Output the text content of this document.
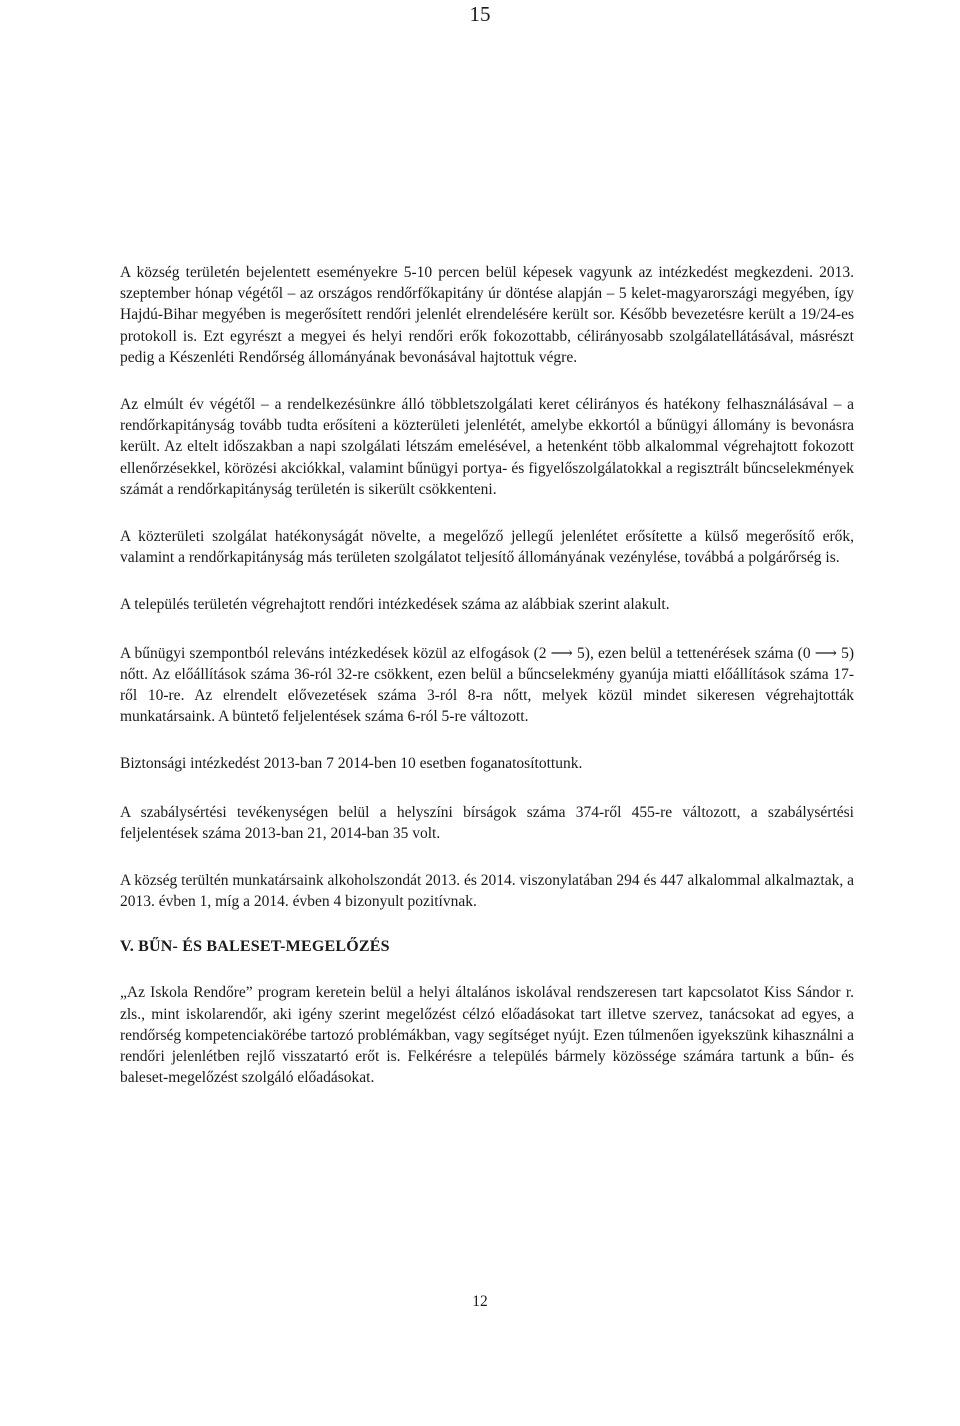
15

A község területén bejelentett eseményekre 5-10 percen belül képesek vagyunk az intézkedést megkezdeni. 2013. szeptember hónap végétől – az országos rendőrfőkapitány úr döntése alapján – 5 kelet-magyarországi megyében, így Hajdú-Bihar megyében is megerősített rendőri jelenlét elrendelésére került sor. Később bevezetésre került a 19/24-es protokoll is. Ezt egyrészt a megyei és helyi rendőri erők fokozottabb, célirányosabb szolgálatellátásával, másrészt pedig a Készenléti Rendőrség állományának bevonásával hajtottuk végre.

Az elmúlt év végétől – a rendelkezésünkre álló többletszolgálati keret célirányos és hatékony felhasználásával – a rendőrkapitányság tovább tudta erősíteni a közterületi jelenlétét, amelybe ekkortól a bűnügyi állomány is bevonásra került. Az eltelt időszakban a napi szolgálati létszám emelésével, a hetenként több alkalommal végrehajtott fokozott ellenőrzésekkel, körözési akciókkal, valamint bűnügyi portya- és figyelőszolgálatokkal a regisztrált bűncselekmények számát a rendőrkapitányság területén is sikerült csökkenteni.

A közterületi szolgálat hatékonyságát növelte, a megelőző jellegű jelenlétet erősítette a külső megerősítő erők, valamint a rendőrkapitányság más területen szolgálatot teljesítő állományának vezénylése, továbbá a polgárőrség is.

A település területén végrehajtott rendőri intézkedések száma az alábbiak szerint alakult.

A bűnügyi szempontból releváns intézkedések közül az elfogások (2 ⟶ 5), ezen belül a tettenérések száma (0 ⟶ 5) nőtt. Az előállítások száma 36-ról 32-re csökkent, ezen belül a bűncselekmény gyanúja miatti előállítások száma 17-ről 10-re. Az elrendelt elővezetések száma 3-ról 8-ra nőtt, melyek közül mindet sikeresen végrehajtották munkatársaink. A büntető feljelentések száma 6-ról 5-re változott.

Biztonsági intézkedést 2013-ban 7 2014-ben 10 esetben foganatosítottunk.

A szabálysértési tevékenységen belül a helyszíni bírságok száma 374-ről 455-re változott, a szabálysértési feljelentések száma 2013-ban 21, 2014-ban 35 volt.

A község terültén munkatársaink alkoholszondát 2013. és 2014. viszonylatában 294 és 447 alkalommal alkalmaztak, a 2013. évben 1, míg a 2014. évben 4 bizonyult pozitívnak.

V. BŰN- ÉS BALESET-MEGELŐZÉS

„Az Iskola Rendőre” program keretein belül a helyi általános iskolával rendszeresen tart kapcsolatot Kiss Sándor r. zls., mint iskolarendőr, aki igény szerint megelőzést célzó előadásokat tart illetve szervez, tanácsokat ad egyes, a rendőrség kompetenciakörébe tartozó problémákban, vagy segítséget nyújt. Ezen túlmenően igyekszünk kihasználni a rendőri jelenlétben rejlő visszatartó erőt is. Felkérésre a település bármely közössége számára tartunk a bűn- és baleset-megelőzést szolgáló előadásokat.

12
